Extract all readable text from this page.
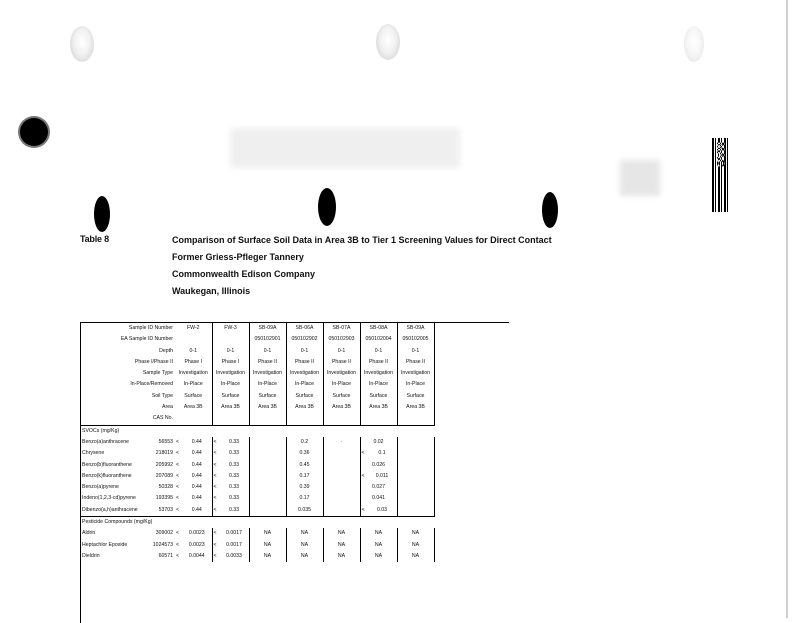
MAC
Table 8	Comparison of Surface Soil Data in Area 3B to Tier 1 Screening Values for Direct Contact
Former Griess-Pfleger Tannery
Commonwealth Edison Company
Waukegan, Illinois
Sample ID Number	FW-2	FW-3	SB-09A	SB-06A	SB-07A	SB-08A	SB-09A
EA Sample ID Number			050102901	050102902	050102903	050102004	050102005
Depth	0-1	0-1	0-1	0-1	0-1	0-1	0-1
Phase I/Phase II	Phase I	Phase I	Phase II	Phase II	Phase II	Phase II	Phase II
Sample Type	Investigation	Investigation	Investigation	Investigation	Investigation	Investigation	Investigation
In-Place/Removed	In-Place	In-Place	In-Place	In-Place	In-Place	In-Place	In-Place
Soil Type	Surface	Surface	Surface	Surface	Surface	Surface	Surface
Area	Area 3B	Area 3B	Area 3B	Area 3B	Area 3B	Area 3B	Area 3B
CAS No.							
SVOCs (mg/Kg)							
Benzo(a)anthracene 56553	< 0.44	< 0.33		0.2	·	0.02	
Chrysene 218019	< 0.44	< 0.33		0.36		< 0.1	
Benzo(b)fluoranthene 205992	< 0.44	< 0.33		0.45		0.026	
Benzo(k)fluoranthene 207089	< 0.44	< 0.33		0.17		< 0.011	
Benzo(a)pyrene 50328	< 0.44	< 0.33		0.39		0.027	
Indeno(1,2,3-cd)pyrene 193395	< 0.44	< 0.33		0.17		0.041	
Dibenzo(a,h)anthracene 53703	< 0.44	< 0.33		0.035		< 0.03	
Pesticide Compounds (mg/Kg)							
Aldrin 309002	< 0.0023	< 0.0017	NA	NA	NA	NA	NA
Heptachlor Epoxide 1024573	< 0.0023	< 0.0017	NA	NA	NA	NA	NA
Dieldrin 60571	< 0.0044	< 0.0033	NA	NA	NA	NA	NA
